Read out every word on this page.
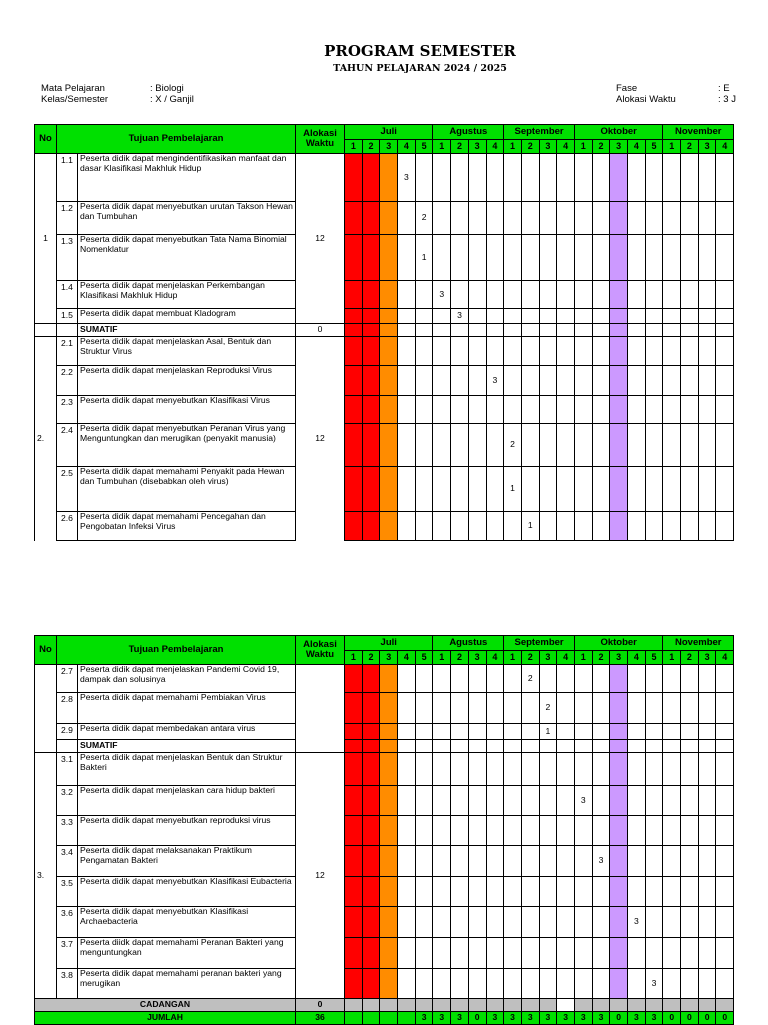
PROGRAM SEMESTER
TAHUN PELAJARAN 2024 / 2025
Mata Pelajaran	: Biologi
Kelas/Semester	: X / Ganjil
Fase	: E
Alokasi Waktu	: 3 J
No	Tujuan Pembelajaran		Alokasi Waktu	Juli					Agustus				September				Oktober					November			
				1	2	3	4	5	1	2	3	4	1	2	3	4	1	2	3	4	5	1	2	3	4
1	1.1	Peserta didik dapat mengindentifikasikan manfaat dan dasar Klasifikasi Makhluk Hidup	12				3																		
	1.2	Peserta didik dapat menyebutkan urutan Takson Hewan dan Tumbuhan						2																	
	1.3	Peserta didik dapat menyebutkan Tata Nama Binomial Nomenklatur						1																	
	1.4	Peserta didik dapat menjelaskan Perkembangan Klasifikasi Makhluk Hidup							3																
	1.5	Peserta didik dapat membuat Kladogram								3															
		SUMATIF	0																						
2.	2.1	Peserta didik dapat menjelaskan Asal, Bentuk dan Struktur Virus	12																						
	2.2	Peserta didik dapat menjelaskan Reproduksi Virus										3													
	2.3	Peserta didik dapat menyebutkan Klasifikasi Virus																							
	2.4	Peserta didik dapat menyebutkan Peranan Virus yang Menguntungkan dan merugikan (penyakit manusia)											2												
	2.5	Peserta didik dapat memahami Penyakit pada Hewan dan Tumbuhan (disebabkan oleh virus)											1												
	2.6	Peserta didik dapat memahami Pencegahan dan Pengobatan Infeksi Virus												1											
No	Tujuan Pembelajaran		Alokasi Waktu	Juli					Agustus				September				Oktober					November			
				1	2	3	4	5	1	2	3	4	1	2	3	4	1	2	3	4	5	1	2	3	4
	2.7	Peserta didik dapat menjelaskan Pandemi Covid 19, dampak dan solusinya												2											
	2.8	Peserta didik dapat memahami Pembiakan Virus													2										
	2.9	Peserta didik dapat membedakan antara virus													1										
		SUMATIF																							
3.	3.1	Peserta didik dapat menjelaskan Bentuk dan Struktur Bakteri	12																						
	3.2	Peserta didik dapat menjelaskan cara hidup bakteri															3								
	3.3	Peserta didik dapat menyebutkan reproduksi virus																							
	3.4	Peserta didik dapat melaksanakan Praktikum Pengamatan Bakteri																3							
	3.5	Peserta didik dapat menyebutkan Klasifikasi Eubacteria																							
	3.6	Peserta didik dapat menyebutkan Klasifikasi Archaebacteria																		3					
	3.7	Peserta diidk dapat memahami Peranan Bakteri yang menguntungkan																							
	3.8	Peserta didik dapat memahami peranan bakteri yang merugikan																			3				
CADANGAN			0																						
JUMLAH			36					3	3	3	0	3	3	3	3	3	3	3	0	3	3	0	0	0	0
